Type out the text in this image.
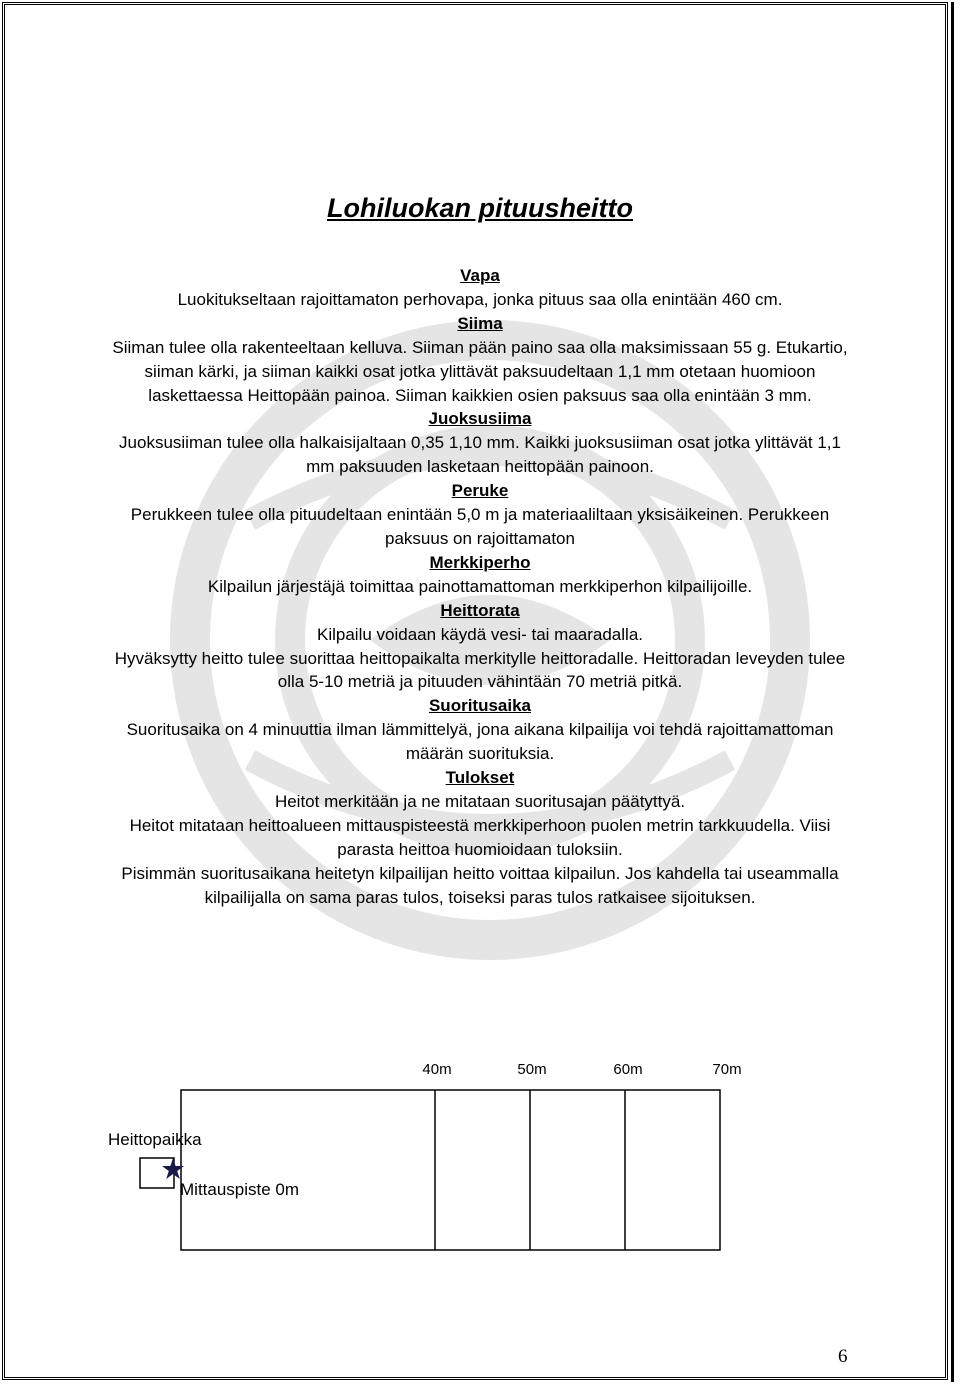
Lohiluokan pituusheitto
Vapa
Luokitukseltaan rajoittamaton perhovapa, jonka pituus saa olla enintään 460 cm.
Siima
Siiman tulee olla rakenteeltaan kelluva. Siiman pään paino saa olla maksimissaan 55 g. Etukartio, siiman kärki, ja siiman kaikki osat jotka ylittävät paksuudeltaan 1,1 mm otetaan huomioon laskettaessa Heittopään painoa. Siiman kaikkien osien paksuus saa olla enintään 3 mm.
Juoksusiima
Juoksusiiman tulee olla halkaisijaltaan 0,35 1,10 mm. Kaikki juoksusiiman osat jotka ylittävät 1,1 mm paksuuden lasketaan heittopään painoon.
Peruke
Perukkeen tulee olla pituudeltaan enintään 5,0 m ja materiaaliltaan yksisäikeinen. Perukkeen paksuus on rajoittamaton
Merkkiperho
Kilpailun järjestäjä toimittaa painottamattoman merkkiperhon kilpailijoille.
Heittorata
Kilpailu voidaan käydä vesi- tai maaradalla.
Hyväksytty heitto tulee suorittaa heittopaikalta merkitylle heittoradalle. Heittoradan leveyden tulee olla 5-10 metriä ja pituuden vähintään 70 metriä pitkä.
Suoritusaika
Suoritusaika on 4 minuuttia ilman lämmittelyä, jona aikana kilpailija voi tehdä rajoittamattoman määrän suorituksia.
Tulokset
Heitot merkitään ja ne mitataan suoritusajan päätyttyä.
Heitot mitataan heittoalueen mittauspisteestä merkkiperhoon puolen metrin tarkkuudella. Viisi parasta heittoa huomioidaan tuloksiin.
Pisimmän suoritusaikana heitetyn kilpailijan heitto voittaa kilpailun. Jos kahdella tai useammalla kilpailijalla on sama paras tulos, toiseksi paras tulos ratkaisee sijoituksen.
40m	50m	60m	70m
Heittopaikka
Mittauspiste 0m
6
